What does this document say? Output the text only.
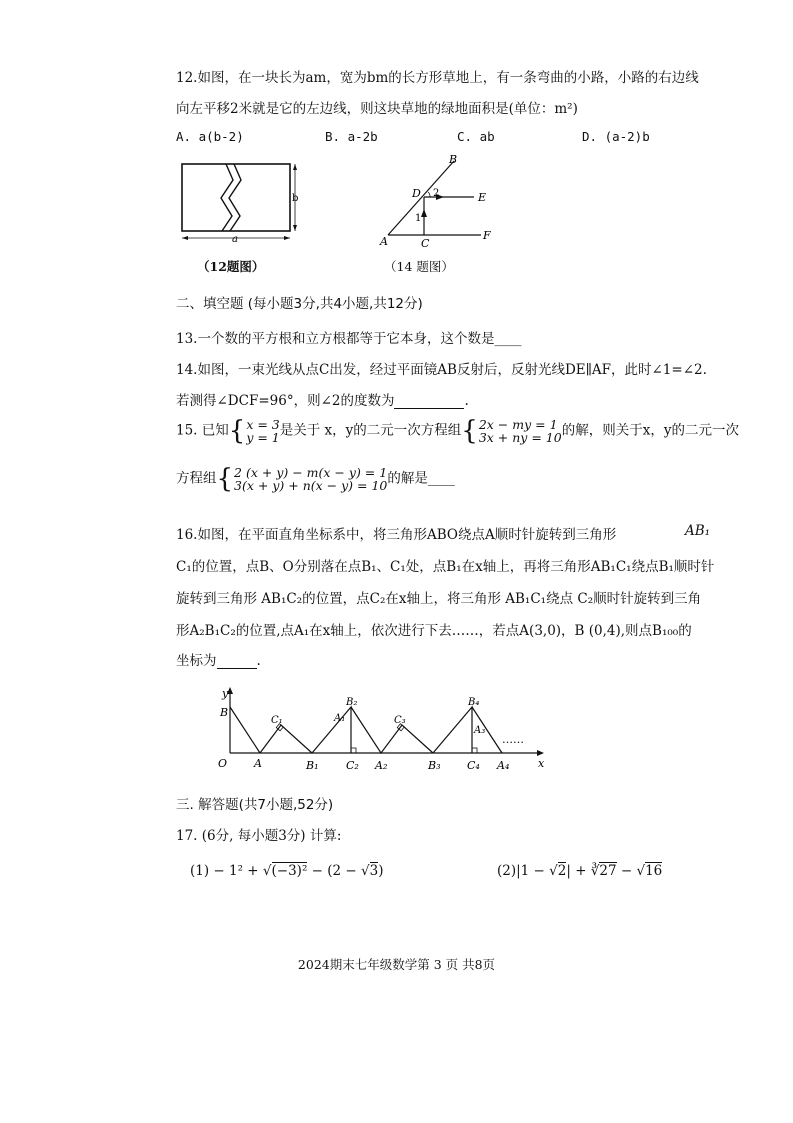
12.如图，在一块长为am，宽为bm的长方形草地上，有一条弯曲的小路，小路的右边线
向左平移2米就是它的左边线，则这块草地的绿地面积是(单位：m²)
A. a(b-2)	B. a-2b	C. ab	D. (a-2)b
b
a
（12题图）
B
D 2
1
E
A	C
F
（14 题图）
二、填空题 (每小题3分,共4小题,共12分)
13.一个数的平方根和立方根都等于它本身，这个数是____
14.如图，一束光线从点C出发，经过平面镜AB反射后，反射光线DE∥AF，此时∠1=∠2.
若测得∠DCF=96°，则∠2的度数为	.
15. 已知{x = 3
y = 1是关于 x，y的二元一次方程组{2x − my = 1
3x + ny = 10的解，则关于x，y的二元一次
方程组{2 (x + y) − m(x − y) = 1
3(x + y) + n(x − y) = 10的解是____
16.如图，在平面直角坐标系中，将三角形ABO绕点A顺时针旋转到三角形	AB₁
C₁的位置，点B、O分别落在点B₁、C₁处，点B₁在x轴上，再将三角形AB₁C₁绕点B₁顺时针
旋转到三角形 AB₁C₂的位置，点C₂在x轴上，将三角形 AB₁C₁绕点 C₂顺时针旋转到三角
形A₂B₁C₂的位置,点A₁在x轴上，依次进行下去……，若点A(3,0)，B (0,4),则点B₁₀₀的
坐标为	.
y
B
O A
C₁
B₁
A₁
B₂
C₂ A₂
C₃
B₃
B₄
A₃
C₄ A₄	x
……
三. 解答题(共7小题,52分)
17. (6分, 每小题3分) 计算:
(1) − 1² + √(−3)² − (2 − √3)	(2)|1 − √2| + ∛27 − √16
2024期末七年级数学第 3 页 共8页
